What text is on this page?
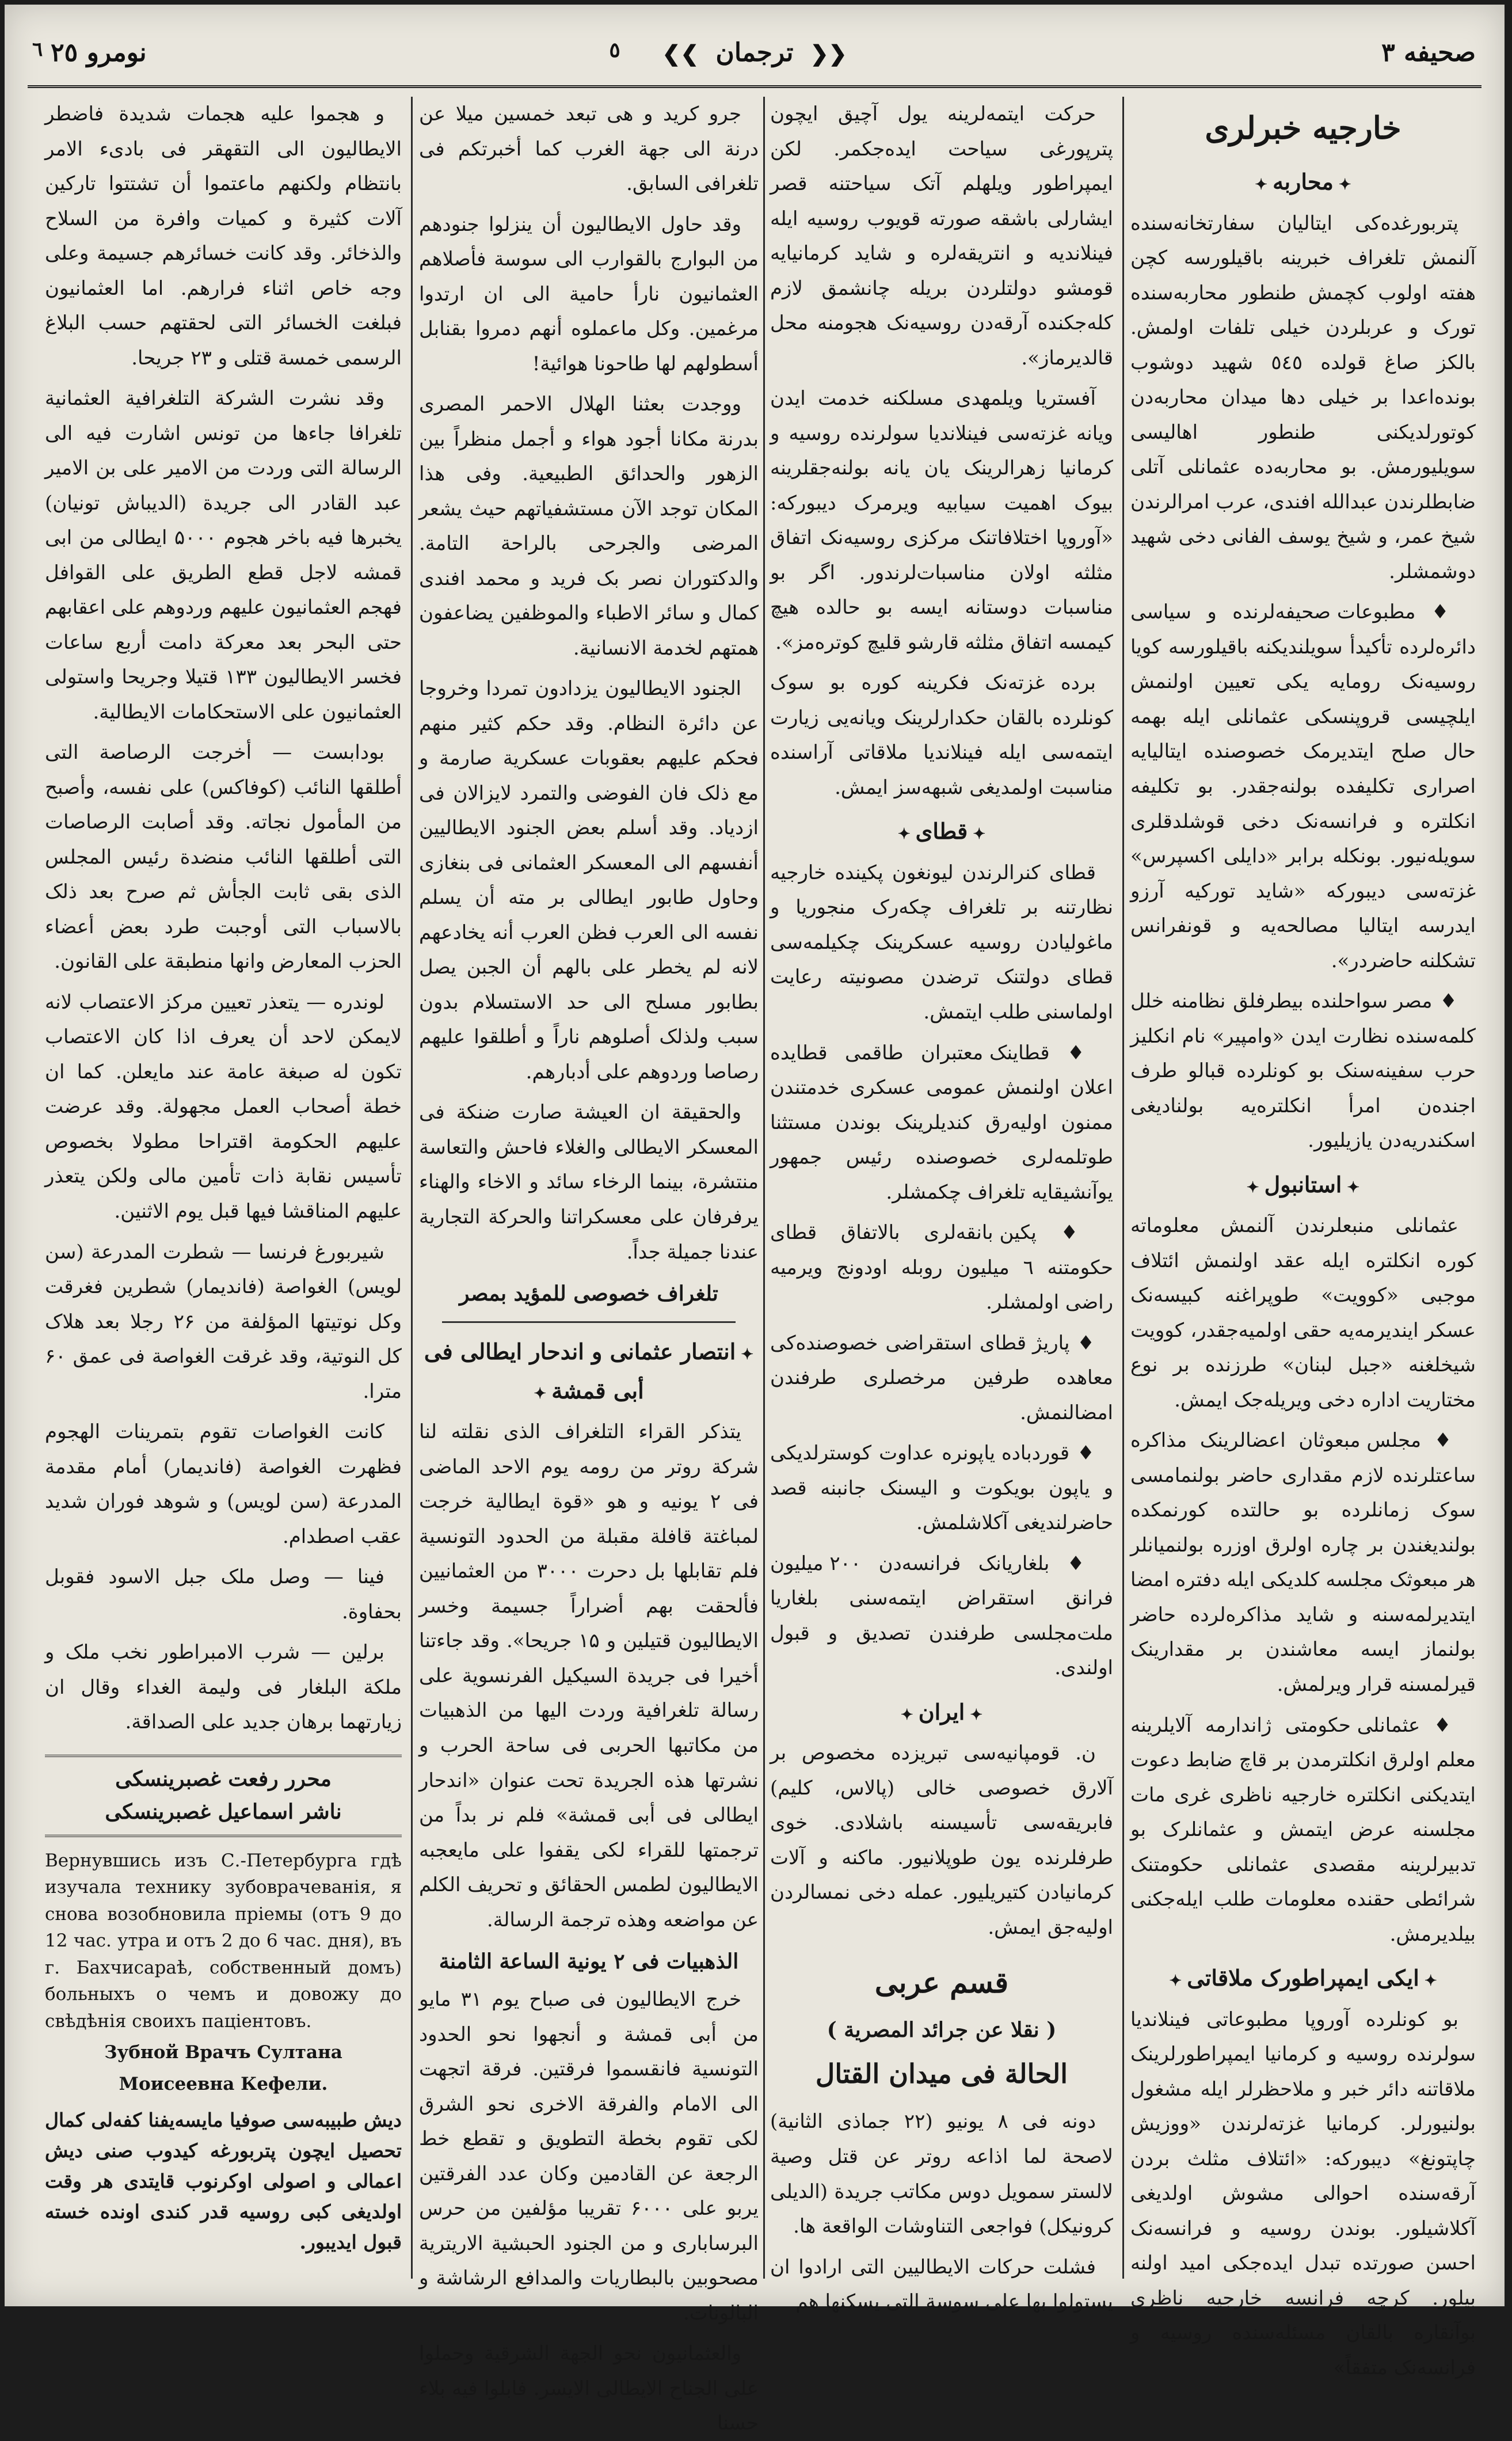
صحیفه ۳
❮❮ ترجمان ❯❯
٥
نومرو ۲٥
٦
خارجیه خبرلری
✦ محاربه ✦

پتربورغده‌کی ایتالیان سفارتخانه‌سنده آلنمش تلغراف خبرینه باقیلورسه کچن هفته اولوب کچمش طنطور محاربه‌سنده تورک و عربلردن خیلی تلفات اولمش. بالکز صاغ قولده ٥٤٥ شهید دوشوب بونده‌اعدا بر خیلی دها میدان محاربه‌دن کوتورلدیکنی طنطور اهالیسی سویلیورمش. بو محاربه‌ده عثمانلی آتلی ضابطلرندن عبدالله افندی، عرب امرالرندن شیخ عمر، و شیخ یوسف الفانی دخی شهید دوشمشلر.

♦ مطبوعات صحیفه‌لرنده و سیاسی دائره‌لرده تأکیدأ سویلندیکنه باقیلورسه کویا روسیه‌نک رومایه یکی تعیین اولنمش ایلچیسی قروپنسکی عثمانلی ایله بهمه حال صلح ایتدیرمک خصوصنده ایتالیایه اصراری تکلیفده بولنه‌جقدر. بو تکلیفه انکلتره و فرانسه‌نک دخی قوشلدقلری سویله‌نیور. بونکله برابر «دایلی اکسپرس» غزته‌سی دیبورکه «شاید تورکیه آرزو ایدرسه ایتالیا مصالحه‌یه و قونفرانس تشکلنه حاضردر».

♦ مصر سواحلنده بیطرفلق نظامنه خلل کلمه‌سنده نظارت ایدن «وامپیر» نام انکلیز حرب سفینه‌سنک بو کونلرده قبالو طرف اجنده‌ن امرأ انکلتره‌یه بولنادیغی اسکندریه‌دن یازیلیور.

✦ استانبول ✦

عثمانلی منبعلرندن آلنمش معلوماته کوره انکلتره ایله عقد اولنمش ائتلاف موجبی «کوویت» طوپراغنه کبیسه‌نک عسکر ایندیرمه‌یه حقی اولمیه‌جقدر، کوویت شیخلغنه «جبل لبنان» طرزنده بر نوع مختاریت اداره دخی ویریله‌جک ایمش.

♦ مجلس مبعوثان اعضالرینک مذاکره ساعتلرنده لازم مقداری حاضر بولنمامسی سوک زمانلرده بو حالتده کورنمکده بولندیغندن بر چاره اولرق اوزره بولنمیانلر هر مبعوثک مجلسه کلدیکی ایله دفتره امضا ایتدیرلمه‌سنه و شاید مذاکره‌لرده حاضر بولنماز ایسه معاشندن بر مقدارینک قیرلمسنه قرار ویرلمش.

♦ عثمانلی حکومتی ژاندارمه آلایلرینه معلم اولرق انکلترمدن بر قاچ ضابط دعوت ایتدیکنی انکلتره خارجیه ناظری غری مات مجلسنه عرض ایتمش و عثمانلرک بو تدبیرلرینه مقصدی عثمانلی حکومتنک شرائطی حقنده معلومات طلب ایله‌جکنی بیلدیرمش.

✦ ایکی ایمپراطورک ملاقاتی ✦

بو کونلرده آوروپا مطبوعاتی فینلاندیا سولرنده روسیه و کرمانیا ایمپراطورلرینک ملاقاتنه دائر خبر و ملاحظرلر ایله مشغول بولنیورلر. کرمانیا غزته‌لرندن «ووزیش چاپتونغ» دیبورکه: «ائتلاف مثلث بردن آرقه‌سنده احوالی مشوش اولدیغی آکلاشیلور. بوندن روسیه و فرانسه‌نک احسن صورتده تبدل ایده‌جکی امید اولنه بیلور. کرچه فرانسه خارجیه ناظری بوآنقاره بالقان مسئله‌سنده روسیه و فرانسه‌نک متفقاً»

حرکت ایتمه‌لرینه یول آچیق ایچون پترپورغی سیاحت ایده‌جکمر. لکن ایمپراطور ویلهلم آتک سیاحتنه قصر ایشارلی باشقه صورته قویوب روسیه ایله فینلاندیه و انتریقه‌لره و شاید کرمانیایه قومشو دولتلردن بریله چانشمق لازم کله‌جکنده آرقه‌دن روسیه‌نک هجومنه محل قالدیرماز».

آفستریا ویلمهدی مسلکنه خدمت ایدن ویانه غزته‌سی فینلاندیا سولرنده روسیه و کرمانیا زهرالرینک یان یانه بولنه‌جقلرینه بیوک اهمیت سیابیه ویرمرک دیبورکه: «آوروپا اختلافاتنک مرکزی روسیه‌نک اتفاق مثلثه اولان مناسبات‌لرندور. اگر بو مناسبات دوستانه ایسه بو حالده هیچ کیمسه اتفاق مثلثه قارشو قلیچ کوتره‌مز».

برده غزته‌نک فکرینه کوره بو سوک کونلرده بالقان حکدارلرینک ویانه‌یی زیارت ایتمه‌سی ایله فینلاندیا ملاقاتی آراسنده مناسبت اولمدیغی شبهه‌سز ایمش.

✦ قطای ✦

قطای کنرالرندن لیونغون پکینده خارجیه نظارتنه بر تلغراف چکه‌رک منجوریا و ماغولیادن روسیه عسکرینک چکیلمه‌سی قطای دولتنک ترضدن مصونیته رعایت اولماسنی طلب ایتمش.

♦ قطاینک معتبران طاقمی قطایده اعلان اولنمش عمومی عسکری خدمتندن ممنون اولیه‌رق کندیلرینک بوندن مستثنا طوتلمه‌لری خصوصنده رئیس جمهور یوآنشیقایه تلغراف چکمشلر.

♦ پکین بانقه‌لری بالاتفاق قطای حکومتنه ٦ میلیون روبله اودونج ویرمیه راضی اولمشلر.

♦ پاریژ قطای استقراضی خصوصنده‌کی معاهده طرفین مرخصلری طرفندن امضالنمش.

♦ قوردباده یاپونره عداوت کوسترلدیکی و یاپون بویکوت و الیسنک جانبنه قصد حاضرلندیغی آکلاشلمش.

♦ بلغاریانک فرانسه‌دن ۲۰۰ میلیون فرانق استقراض ایتمه‌سنی بلغاریا ملت‌مجلسی طرفندن تصدیق و قبول اولندی.

✦ ایران ✦

ن. قومپانیه‌سی تبریزده مخصوص بر آلارق خصوصی خالی (پالاس، کلیم) فابریقه‌سی تأسیسنه باشلادی. خوی طرفلرنده یون طوپلانیور. ماکنه و آلات کرمانیادن کتیریلیور. عمله دخی نمسالردن اولیه‌جق ایمش.

قسم عربی
( نقلا عن جرائد المصریة )
الحالة فی میدان القتال

دونه فی ۸ یونیو (۲۲ جماذی الثانیة) لاصحة لما اذاعه روتر عن قتل وصیة لالستر سمویل دوس مکاتب جریدة (الدیلی کرونیکل) فواجعی التناوشات الواقعة ها.

فشلت حرکات الایطالیین التی ارادوا ان یستولوا بها علی سوسة التی یسکنها هم

جرو کرید و هی تبعد خمسین میلا عن درنة الی جهة الغرب کما أخبرتکم فی تلغرافی السابق.

وقد حاول الایطالیون أن ینزلوا جنودهم من البوارج بالقوارب الی سوسة فأصلاهم العثمانیون نارأ حامیة الی ان ارتدوا مرغمین. وکل ماعملوه أنهم دمروا بقنابل أسطولهم لها طاحونا هوائیة!

ووجدت بعثنا الهلال الاحمر المصری بدرنة مکانا أجود هواء و أجمل منظراً بین الزهور والحدائق الطبیعیة. وفی هذا المکان توجد الآن مستشفیاتهم حیث یشعر المرضی والجرحی بالراحة التامة. والدکتوران نصر بک فرید و محمد افندی کمال و سائر الاطباء والموظفین یضاعفون همتهم لخدمة الانسانیة.

الجنود الایطالیون یزدادون تمردا وخروجا عن دائرة النظام. وقد حکم کثیر منهم فحکم علیهم بعقوبات عسکریة صارمة و مع ذلک فان الفوضی والتمرد لایزالان فی ازدیاد. وقد أسلم بعض الجنود الایطالیین أنفسهم الی المعسکر العثمانی فی بنغازی وحاول طابور ایطالی بر مته أن یسلم نفسه الی العرب فظن العرب أنه یخادعهم لانه لم یخطر علی بالهم أن الجبن یصل بطابور مسلح الی حد الاستسلام بدون سبب ولذلک أصلوهم ناراً و أطلقوا علیهم رصاصا وردوهم علی أدبارهم.

والحقیقة ان العیشة صارت ضنکة فی المعسکر الایطالی والغلاء فاحش والتعاسة منتشرة، بینما الرخاء سائد و الاخاء والهناء یرفرفان علی معسکراتنا والحرکة التجاریة عندنا جمیلة جداً.

تلغراف خصوصی للمؤید بمصر
✦ انتصار عثمانی و اندحار ایطالی فی أبی قمشة ✦

یتذکر القراء التلغراف الذی نقلته لنا شرکة روتر من رومه یوم الاحد الماضی فی ۲ یونیه و هو «قوة ایطالیة خرجت لمباغتة قافلة مقبلة من الحدود التونسیة فلم تقابلها بل دحرت ۳۰۰۰ من العثمانیین فألحقت بهم أضراراً جسیمة وخسر الایطالیون قتیلین و ۱۵ جریحا». وقد جاءتنا أخیرا فی جریدة السیکیل الفرنسویة علی رسالة تلغرافیة وردت الیها من الذهبیات من مکاتبها الحربی فی ساحة الحرب و نشرتها هذه الجریدة تحت عنوان «اندحار ایطالی فی أبی قمشة» فلم نر بداً من ترجمتها للقراء لکی یقفوا علی مایعجبه الایطالیون لطمس الحقائق و تحریف الکلم عن مواضعه وهذه ترجمة الرسالة.

الذهبیات فی ۲ یونیة الساعة الثامنة

خرج الایطالیون فی صباح یوم ۳۱ مایو من أبی قمشة و أنجهوا نحو الحدود التونسیة فانقسموا فرقتین. فرقة اتجهت الی الامام والفرقة الاخری نحو الشرق لکی تقوم بخطة التطویق و تقطع خط الرجعة عن القادمین وکان عدد الفرقتین یربو علی ۶۰۰۰ تقریبا مؤلفین من حرس البرساباری و من الجنود الحبشیة الاریتریة مصحوبین بالبطاریات والمدافع الرشاشة و البالونات.

والعثمانیون نحو الجهة الشرقیة وحملوا علی الجناح الایطالی الایسر. فابلوا فیه بلاء حسنا

و هجموا علیه هجمات شدیدة فاضطر الایطالیون الی التقهقر فی بادیء الامر بانتظام ولکنهم ماعتموا أن تشتتوا تارکین آلات کثیرة و کمیات وافرة من السلاح والذخائر. وقد کانت خسائرهم جسیمة وعلی وجه خاص اثناء فرارهم. اما العثمانیون فبلغت الخسائر التی لحقتهم حسب البلاغ الرسمی خمسة قتلی و ۲۳ جریحا.

وقد نشرت الشرکة التلغرافیة العثمانیة تلغرافا جاءها من تونس اشارت فیه الی الرسالة التی وردت من الامیر علی بن الامیر عبد القادر الی جریدة (الدیباش تونیان) یخبرها فیه باخر هجوم ۵۰۰۰ ایطالی من ابی قمشه لاجل قطع الطریق علی القوافل فهجم العثمانیون علیهم وردوهم علی اعقابهم حتی البحر بعد معرکة دامت أربع ساعات فخسر الایطالیون ۱۳۳ قتیلا وجریحا واستولی العثمانیون علی الاستحکامات الایطالیة.

بودابست — أخرجت الرصاصة التی أطلقها النائب (کوفاکس) علی نفسه، وأصبح من المأمول نجاته. وقد أصابت الرصاصات التی أطلقها النائب منضدة رئیس المجلس الذی بقی ثابت الجأش ثم صرح بعد ذلک بالاسباب التی أوجبت طرد بعض أعضاء الحزب المعارض وانها منطبقة علی القانون.

لوندره — یتعذر تعیین مرکز الاعتصاب لانه لایمکن لاحد أن یعرف اذا کان الاعتصاب تکون له صبغة عامة عند مایعلن. کما ان خطة أصحاب العمل مجهولة. وقد عرضت علیهم الحکومة اقتراحا مطولا بخصوص تأسیس نقابة ذات تأمین مالی ولکن یتعذر علیهم المناقشا فیها قبل یوم الاثنین.

شیربورغ فرنسا — شطرت المدرعة (سن لویس) الغواصة (فاندیمار) شطرین فغرقت وکل نوتیتها المؤلفة من ۲۶ رجلا بعد هلاک کل النوتیة، وقد غرقت الغواصة فی عمق ۶۰ مترا.

کانت الغواصات تقوم بتمرینات الهجوم فظهرت الغواصة (فاندیمار) أمام مقدمة المدرعة (سن لویس) و شوهد فوران شدید عقب اصطدام.

فینا — وصل ملک جبل الاسود فقوبل بحفاوة.

برلین — شرب الامبراطور نخب ملک و ملکة البلغار فی ولیمة الغداء وقال ان زیارتهما برهان جدید علی الصداقة.

محرر رفعت غصبرینسکی
ناشر اسماعیل غصبرینسکی
Вернувшись изъ С.-Петербурга гдѣ изучала технику зубоврачеванія, я снова возобновила пріемы (отъ 9 до 12 час. утра и отъ 2 до 6 час. дня), въ г. Бахчисараѣ, собственный домъ) больныхъ о чемъ и довожу до свѣдѣнія своихъ пацiентовъ.
Зубной Врачъ Султана
Моисеевна Кефели.

دیش طبیبه‌سی صوفیا مایسه‌یفنا کفه‌لی کمال تحصیل ایچون پتربورغه کیدوب صنی دیش اعمالی و اصولی اوکرنوب قایتدی هر وقت اولدیغی کبی روسیه قدر کندی اونده خسته قبول ایدیبور.
